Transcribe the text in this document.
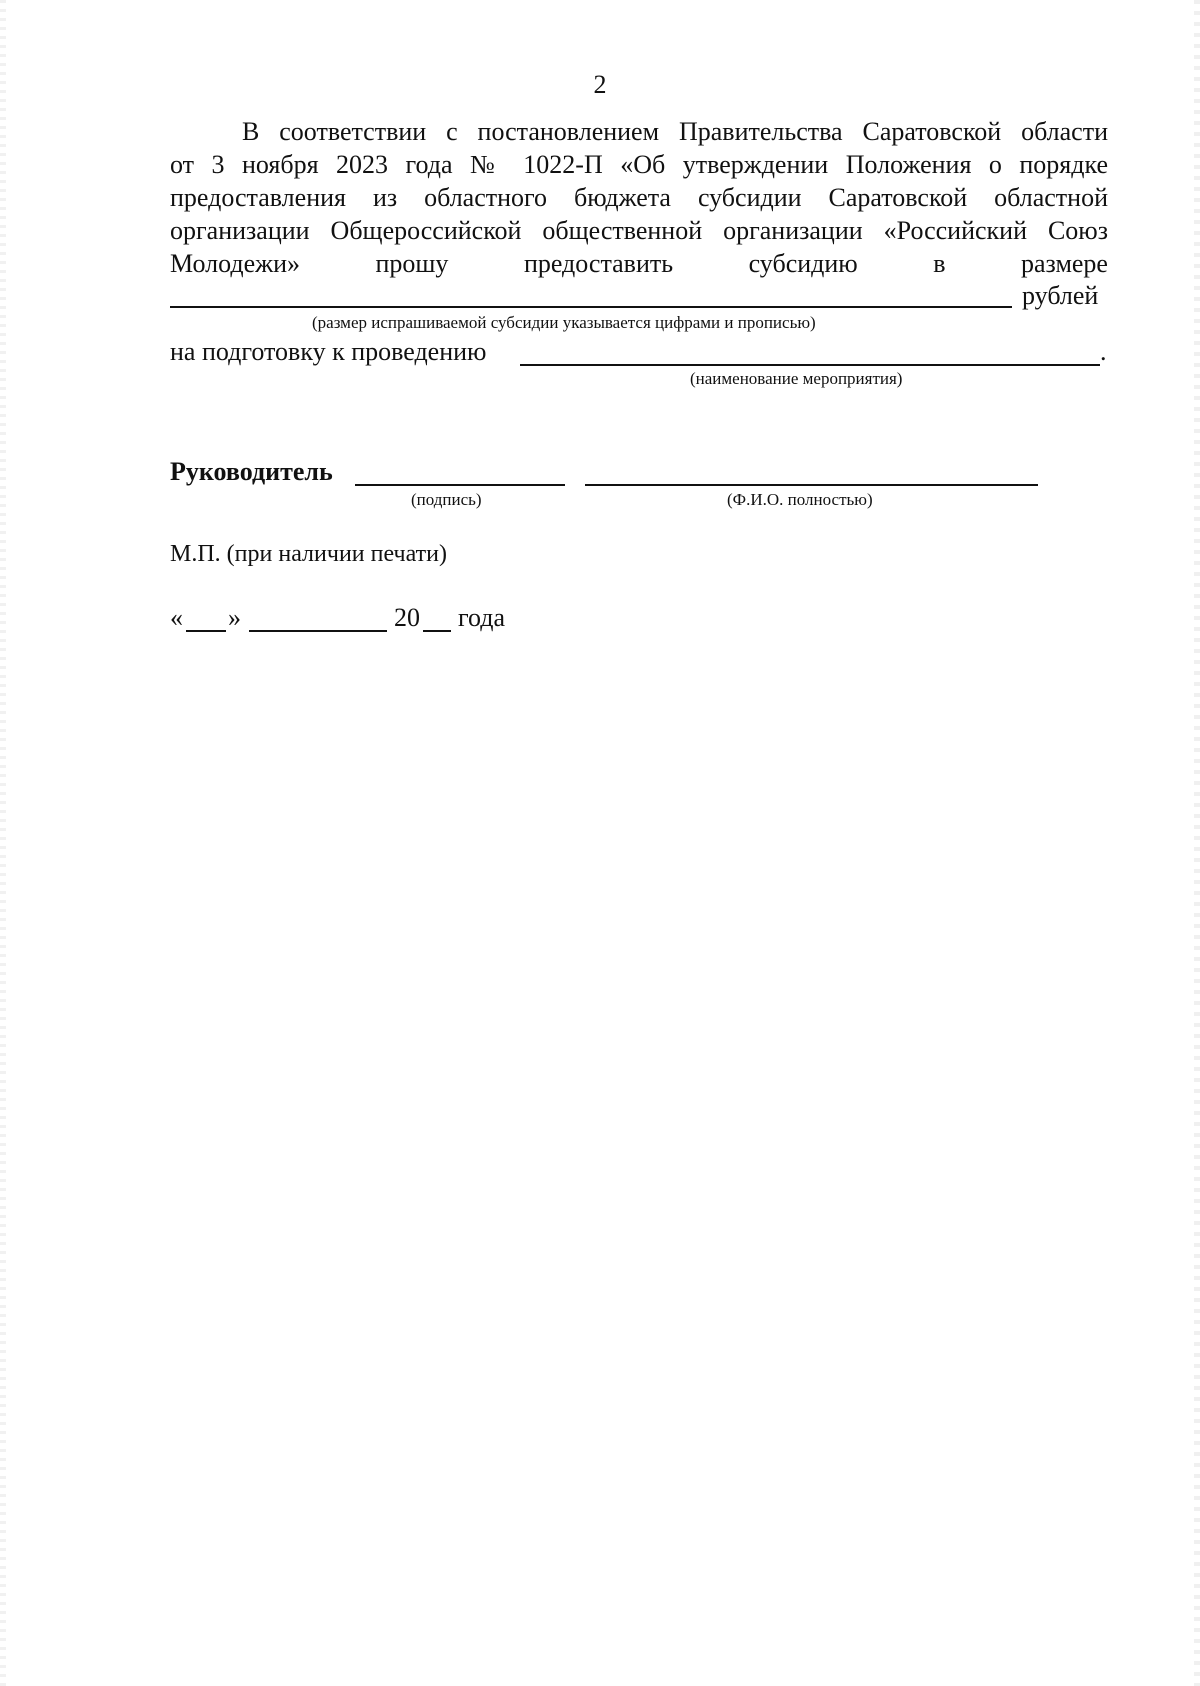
2
В соответствии с постановлением Правительства Саратовской области
от 3 ноября 2023 года № 1022-П «Об утверждении Положения о порядке
предоставления из областного бюджета субсидии Саратовской областной
организации Общероссийской общественной организации «Российский Союз
Молодежи»	прошу	предоставить	субсидию	в	размере
рублей
(размер испрашиваемой субсидии указывается цифрами и прописью)
на подготовку к проведению	.
(наименование мероприятия)
Руководитель
(подпись)	(Ф.И.О. полностью)
М.П. (при наличии печати)
« »	20 года
